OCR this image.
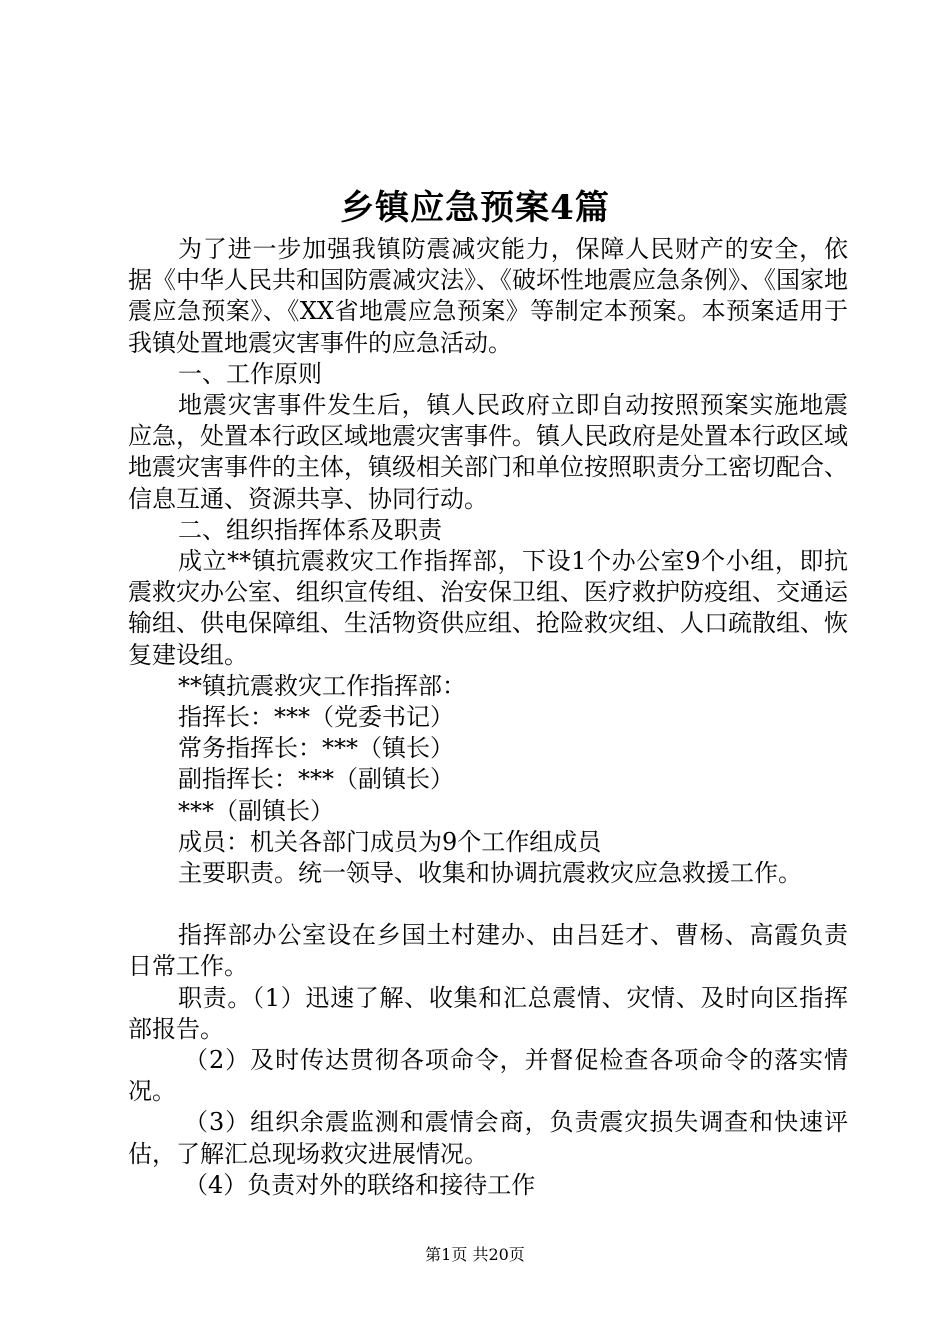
乡镇应急预案4篇

为了进一步加强我镇防震减灾能力，保障人民财产的安全，依据《中华人民共和国防震减灾法》、《破坏性地震应急条例》、《国家地震应急预案》、《XX省地震应急预案》等制定本预案。本预案适用于我镇处置地震灾害事件的应急活动。

一、工作原则

地震灾害事件发生后，镇人民政府立即自动按照预案实施地震应急，处置本行政区域地震灾害事件。镇人民政府是处置本行政区域地震灾害事件的主体，镇级相关部门和单位按照职责分工密切配合、信息互通、资源共享、协同行动。

二、组织指挥体系及职责

成立**镇抗震救灾工作指挥部，下设1个办公室9个小组，即抗震救灾办公室、组织宣传组、治安保卫组、医疗救护防疫组、交通运输组、供电保障组、生活物资供应组、抢险救灾组、人口疏散组、恢复建设组。

**镇抗震救灾工作指挥部：

指挥长：***（党委书记）

常务指挥长：***（镇长）

副指挥长：***（副镇长）

***（副镇长）

成员：机关各部门成员为9个工作组成员

主要职责。统一领导、收集和协调抗震救灾应急救援工作。

指挥部办公室设在乡国土村建办、由吕廷才、曹杨、高霞负责日常工作。

职责。（1）迅速了解、收集和汇总震情、灾情、及时向区指挥部报告。

（2）及时传达贯彻各项命令，并督促检查各项命令的落实情况。

（3）组织余震监测和震情会商，负责震灾损失调查和快速评估，了解汇总现场救灾进展情况。

（4）负责对外的联络和接待工作

第1页 共20页
